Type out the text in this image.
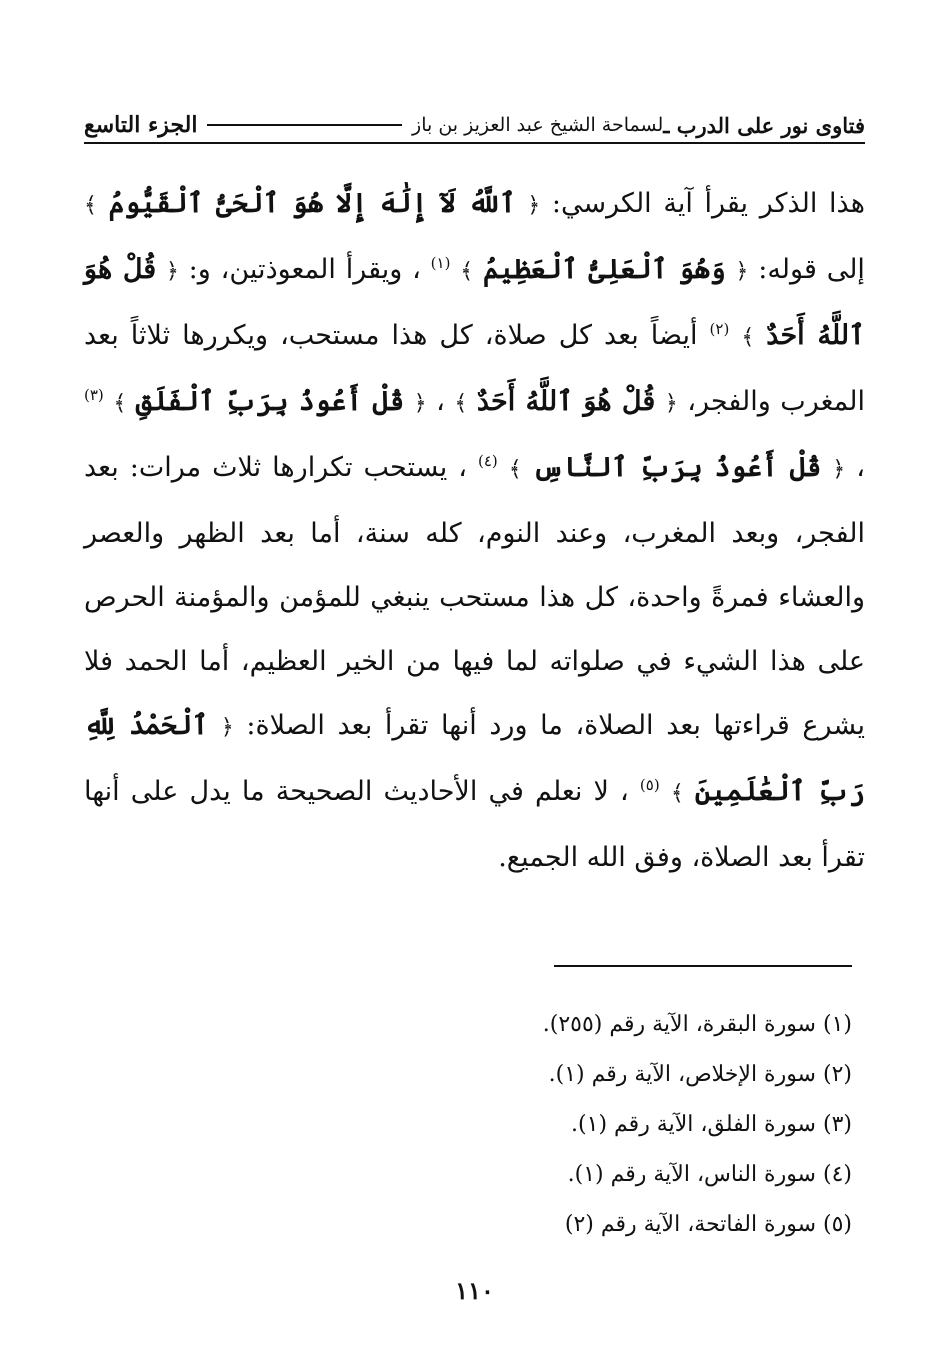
فتاوى نور على الدرب ـ
لسماحة الشيخ عبد العزيز بن باز
الجزء التاسع

هذا الذكر يقرأ آية الكرسي: ﴿ ٱللَّهُ لَآ إِلَٰهَ إِلَّا هُوَ ٱلْحَىُّ ٱلْقَيُّومُ ﴾ إلى قوله: ﴿ وَهُوَ ٱلْعَلِىُّ ٱلْعَظِيمُ ﴾ $^{(١)}$ ، ويقرأ المعوذتين، و: ﴿ قُلْ هُوَ ٱللَّهُ أَحَدٌ ﴾ $^{(٢)}$ أيضاً بعد كل صلاة، كل هذا مستحب، ويكررها ثلاثاً بعد المغرب والفجر، ﴿ قُلْ هُوَ ٱللَّهُ أَحَدٌ ﴾ ، ﴿ قُلْ أَعُوذُ بِرَبِّ ٱلْفَلَقِ ﴾ $^{(٣)}$ ، ﴿ قُلْ أَعُوذُ بِرَبِّ ٱلنَّاسِ ﴾ $^{(٤)}$ ، يستحب تكرارها ثلاث مرات: بعد الفجر، وبعد المغرب، وعند النوم، كله سنة، أما بعد الظهر والعصر والعشاء فمرةً واحدة، كل هذا مستحب ينبغي للمؤمن والمؤمنة الحرص على هذا الشيء في صلواته لما فيها من الخير العظيم، أما الحمد فلا يشرع قراءتها بعد الصلاة، ما ورد أنها تقرأ بعد الصلاة: ﴿ ٱلْحَمْدُ لِلَّهِ رَبِّ ٱلْعَٰلَمِينَ ﴾ $^{(٥)}$ ، لا نعلم في الأحاديث الصحيحة ما يدل على أنها تقرأ بعد الصلاة، وفق الله الجميع.

(١) سورة البقرة، الآية رقم (٢٥٥).
(٢) سورة الإخلاص، الآية رقم (١).
(٣) سورة الفلق، الآية رقم (١).
(٤) سورة الناس، الآية رقم (١).
(٥) سورة الفاتحة، الآية رقم (٢)
١١٠
